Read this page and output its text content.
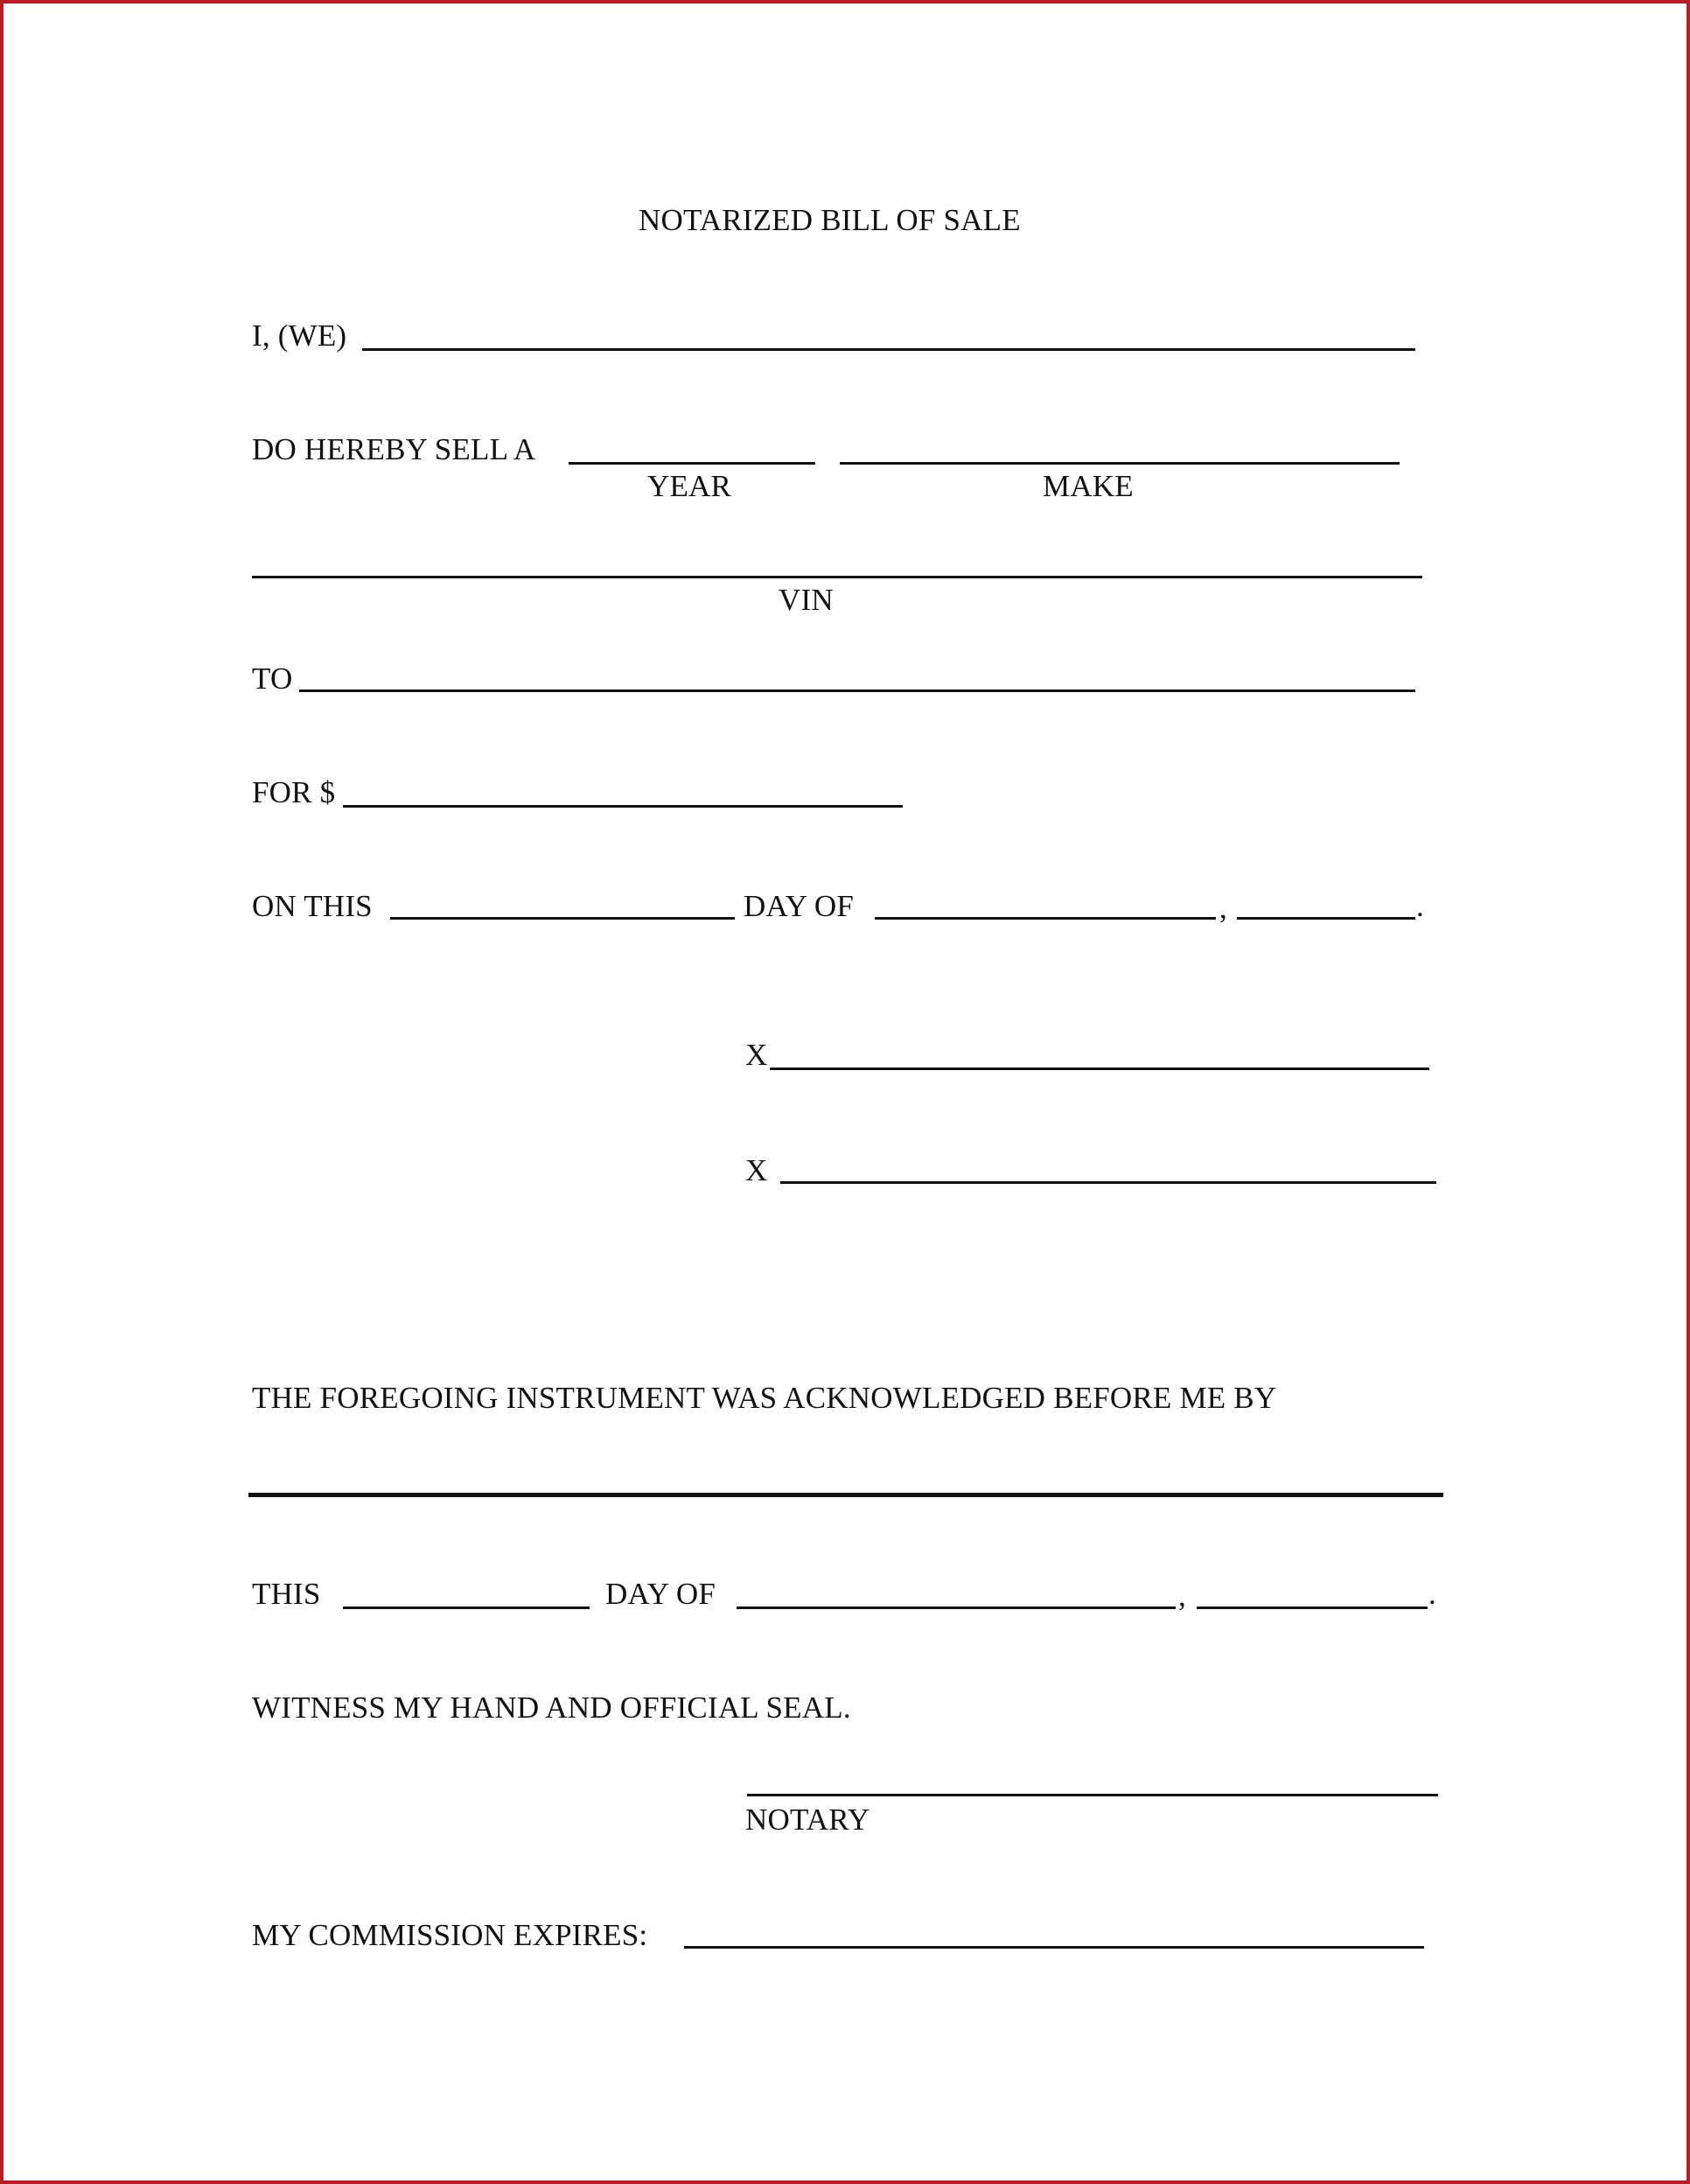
NOTARIZED BILL OF SALE
I, (WE)
DO HEREBY SELL A
YEAR	MAKE
VIN
TO
FOR $
ON THIS	DAY OF	,	.
X
X
THE FOREGOING INSTRUMENT WAS ACKNOWLEDGED BEFORE ME BY
THIS	DAY OF	,	.
WITNESS MY HAND AND OFFICIAL SEAL.
NOTARY
MY COMMISSION EXPIRES:
